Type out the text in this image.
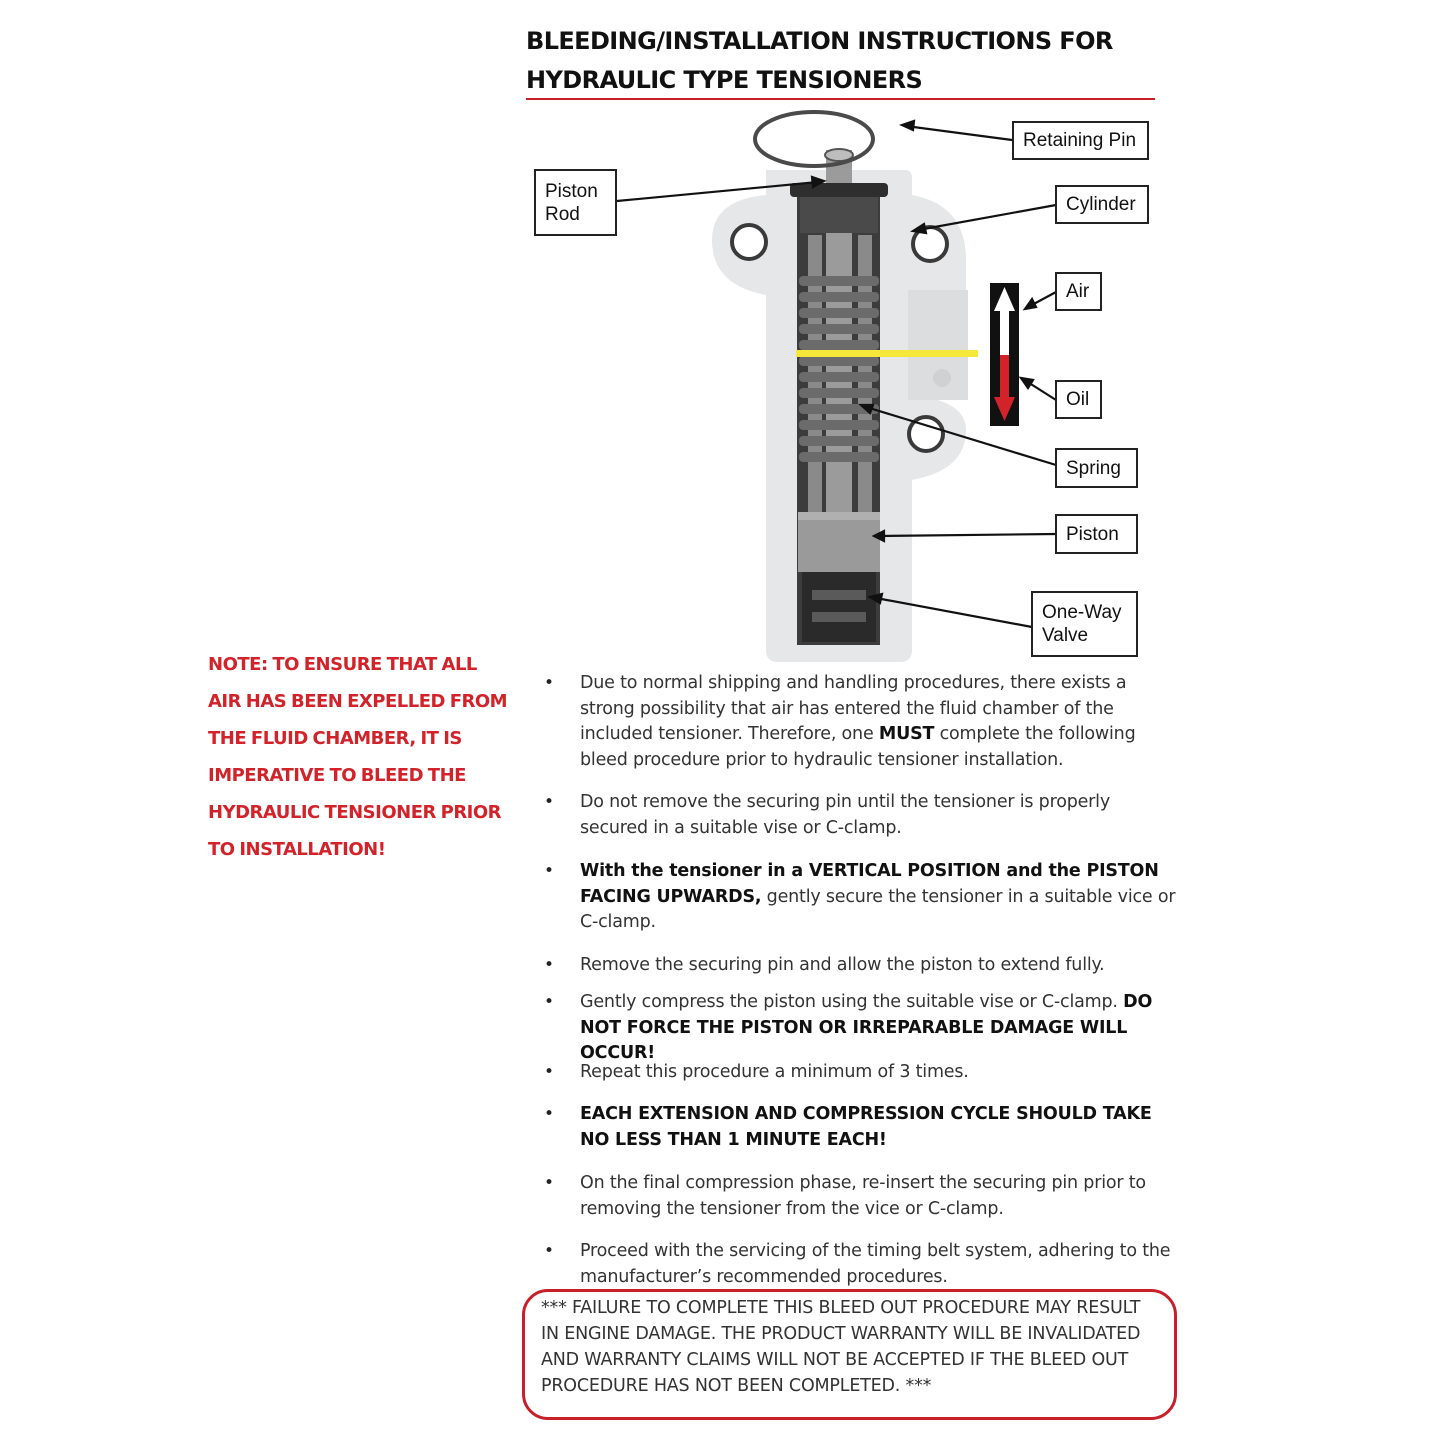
BLEEDING/INSTALLATION INSTRUCTIONS FOR
HYDRAULIC TYPE TENSIONERS
Retaining Pin
Piston
Rod	Cylinder
Air
Oil
Spring
Piston
One-Way
Valve
NOTE: TO ENSURE THAT ALL
AIR HAS BEEN EXPELLED FROM
THE FLUID CHAMBER, IT IS
IMPERATIVE TO BLEED THE
HYDRAULIC TENSIONER PRIOR
TO INSTALLATION!
• Due to normal shipping and handling procedures, there exists a strong possibility that air has entered the fluid chamber of the included tensioner. Therefore, one MUST complete the following bleed procedure prior to hydraulic tensioner installation.
• Do not remove the securing pin until the tensioner is properly secured in a suitable vise or C-clamp.
• With the tensioner in a VERTICAL POSITION and the PISTON FACING UPWARDS, gently secure the tensioner in a suitable vice or C-clamp.
• Remove the securing pin and allow the piston to extend fully.
• Gently compress the piston using the suitable vise or C-clamp. DO NOT FORCE THE PISTON OR IRREPARABLE DAMAGE WILL OCCUR!
• Repeat this procedure a minimum of 3 times.
• EACH EXTENSION AND COMPRESSION CYCLE SHOULD TAKE NO LESS THAN 1 MINUTE EACH!
• On the final compression phase, re-insert the securing pin prior to removing the tensioner from the vice or C-clamp.
• Proceed with the servicing of the timing belt system, adhering to the manufacturer’s recommended procedures.
*** FAILURE TO COMPLETE THIS BLEED OUT PROCEDURE MAY RESULT
IN ENGINE DAMAGE. THE PRODUCT WARRANTY WILL BE INVALIDATED
AND WARRANTY CLAIMS WILL NOT BE ACCEPTED IF THE BLEED OUT
PROCEDURE HAS NOT BEEN COMPLETED. ***
